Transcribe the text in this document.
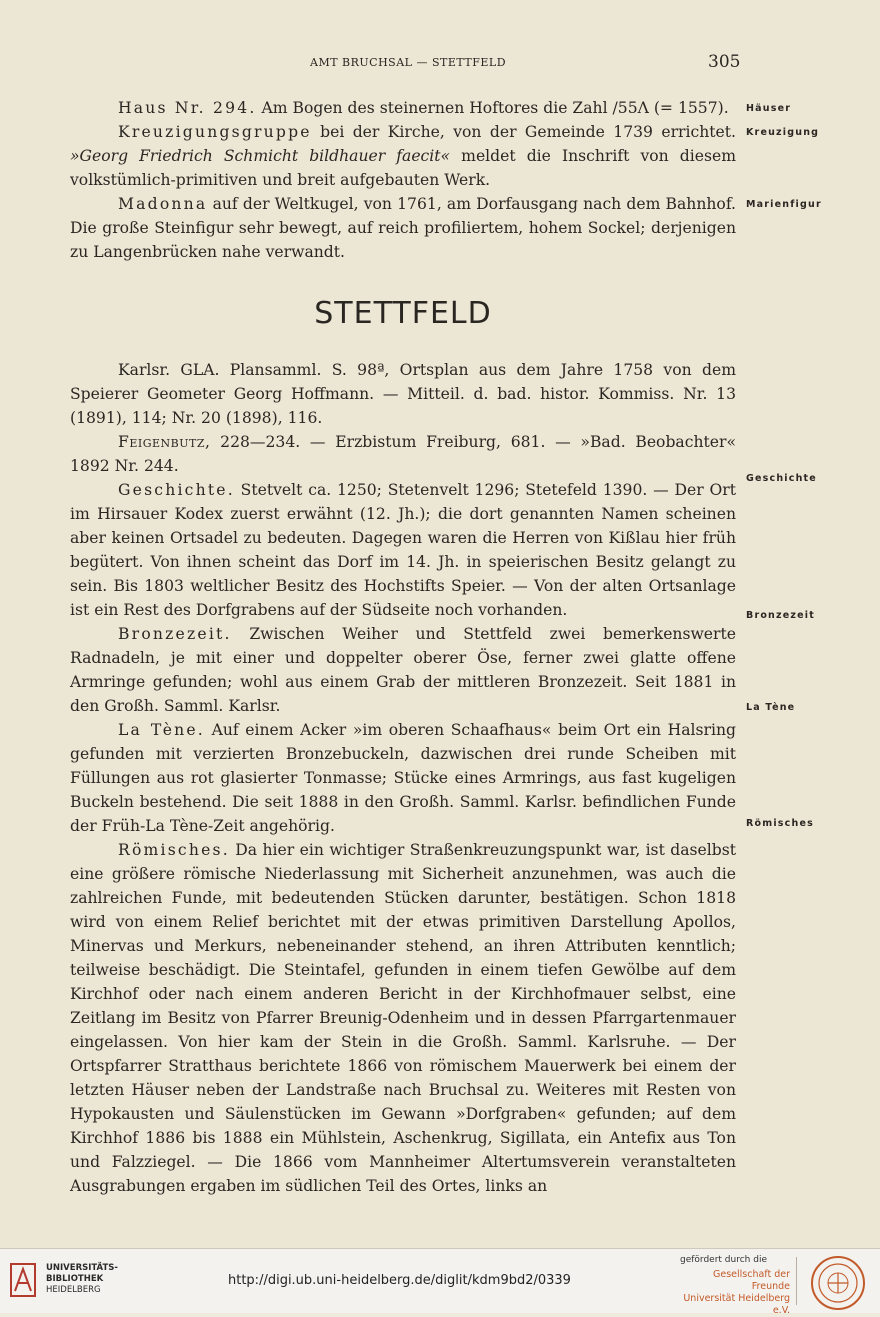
AMT BRUCHSAL — STETTFELD	305

Haus Nr. 294. Am Bogen des steinernen Hoftores die Zahl /55Λ (= 1557).

Kreuzigungsgruppe bei der Kirche, von der Gemeinde 1739 errichtet. »Georg Friedrich Schmicht bildhauer faecit« meldet die Inschrift von diesem volkstümlich-primitiven und breit aufgebauten Werk.

Madonna auf der Weltkugel, von 1761, am Dorfausgang nach dem Bahnhof. Die große Steinfigur sehr bewegt, auf reich profiliertem, hohem Sockel; derjenigen zu Langenbrücken nahe verwandt.

STETTFELD

Karlsr. GLA. Plansamml. S. 98ª, Ortsplan aus dem Jahre 1758 von dem Speierer Geometer Georg Hoffmann. — Mitteil. d. bad. histor. Kommiss. Nr. 13 (1891), 114; Nr. 20 (1898), 116.

Feigenbutz, 228—234. — Erzbistum Freiburg, 681. — »Bad. Beobachter« 1892 Nr. 244.

Geschichte. Stetvelt ca. 1250; Stetenvelt 1296; Stetefeld 1390. — Der Ort im Hirsauer Kodex zuerst erwähnt (12. Jh.); die dort genannten Namen scheinen aber keinen Ortsadel zu bedeuten. Dagegen waren die Herren von Kißlau hier früh begütert. Von ihnen scheint das Dorf im 14. Jh. in speierischen Besitz gelangt zu sein. Bis 1803 weltlicher Besitz des Hochstifts Speier. — Von der alten Ortsanlage ist ein Rest des Dorfgrabens auf der Südseite noch vorhanden.

Bronzezeit. Zwischen Weiher und Stettfeld zwei bemerkenswerte Radnadeln, je mit einer und doppelter oberer Öse, ferner zwei glatte offene Armringe gefunden; wohl aus einem Grab der mittleren Bronzezeit. Seit 1881 in den Großh. Samml. Karlsr.

La Tène. Auf einem Acker »im oberen Schaafhaus« beim Ort ein Halsring gefunden mit verzierten Bronzebuckeln, dazwischen drei runde Scheiben mit Füllungen aus rot glasierter Tonmasse; Stücke eines Armrings, aus fast kugeligen Buckeln bestehend. Die seit 1888 in den Großh. Samml. Karlsr. befindlichen Funde der Früh-La Tène-Zeit angehörig.

Römisches. Da hier ein wichtiger Straßenkreuzungspunkt war, ist daselbst eine größere römische Niederlassung mit Sicherheit anzunehmen, was auch die zahlreichen Funde, mit bedeutenden Stücken darunter, bestätigen. Schon 1818 wird von einem Relief berichtet mit der etwas primitiven Darstellung Apollos, Minervas und Merkurs, nebeneinander stehend, an ihren Attributen kenntlich; teilweise beschädigt. Die Steintafel, gefunden in einem tiefen Gewölbe auf dem Kirchhof oder nach einem anderen Bericht in der Kirchhofmauer selbst, eine Zeitlang im Besitz von Pfarrer Breunig-Odenheim und in dessen Pfarrgartenmauer eingelassen. Von hier kam der Stein in die Großh. Samml. Karlsruhe. — Der Ortspfarrer Stratthaus berichtete 1866 von römischem Mauerwerk bei einem der letzten Häuser neben der Landstraße nach Bruchsal zu. Weiteres mit Resten von Hypokausten und Säulenstücken im Gewann »Dorfgraben« gefunden; auf dem Kirchhof 1886 bis 1888 ein Mühlstein, Aschenkrug, Sigillata, ein Antefix aus Ton und Falzziegel. — Die 1866 vom Mannheimer Altertumsverein veranstalteten Ausgrabungen ergaben im südlichen Teil des Ortes, links an

Häuser
Kreuzigung
Marienfigur
Geschichte
Bronzezeit
La Tène
Römisches
UNIVERSITÄTS-
BIBLIOTHEK
HEIDELBERG
http://digi.ub.uni-heidelberg.de/diglit/kdm9bd2/0339
gefördert durch die
Gesellschaft der Freunde
Universität Heidelberg e.V.
